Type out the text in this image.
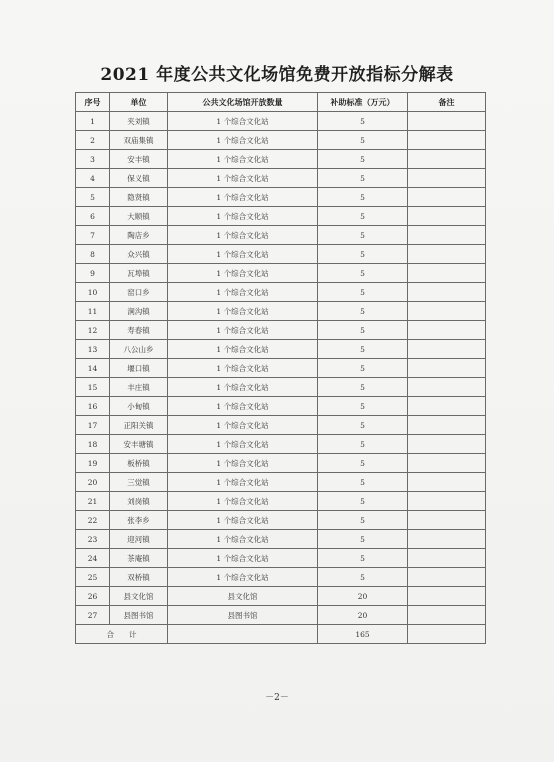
2021 年度公共文化场馆免费开放指标分解表
序号	单位	公共文化场馆开放数量	补助标准（万元）	备注
1	夹刘镇	1 个综合文化站	5	
2	双庙集镇	1 个综合文化站	5	
3	安丰镇	1 个综合文化站	5	
4	保义镇	1 个综合文化站	5	
5	隐贤镇	1 个综合文化站	5	
6	大顺镇	1 个综合文化站	5	
7	陶店乡	1 个综合文化站	5	
8	众兴镇	1 个综合文化站	5	
9	瓦埠镇	1 个综合文化站	5	
10	窑口乡	1 个综合文化站	5	
11	涧沟镇	1 个综合文化站	5	
12	寿春镇	1 个综合文化站	5	
13	八公山乡	1 个综合文化站	5	
14	堰口镇	1 个综合文化站	5	
15	丰庄镇	1 个综合文化站	5	
16	小甸镇	1 个综合文化站	5	
17	正阳关镇	1 个综合文化站	5	
18	安丰塘镇	1 个综合文化站	5	
19	板桥镇	1 个综合文化站	5	
20	三觉镇	1 个综合文化站	5	
21	刘岗镇	1 个综合文化站	5	
22	张李乡	1 个综合文化站	5	
23	迎河镇	1 个综合文化站	5	
24	茶庵镇	1 个综合文化站	5	
25	双桥镇	1 个综合文化站	5	
26	县文化馆	县文化馆	20	
27	县图书馆	县图书馆	20	
合　　计			165	
－2－
